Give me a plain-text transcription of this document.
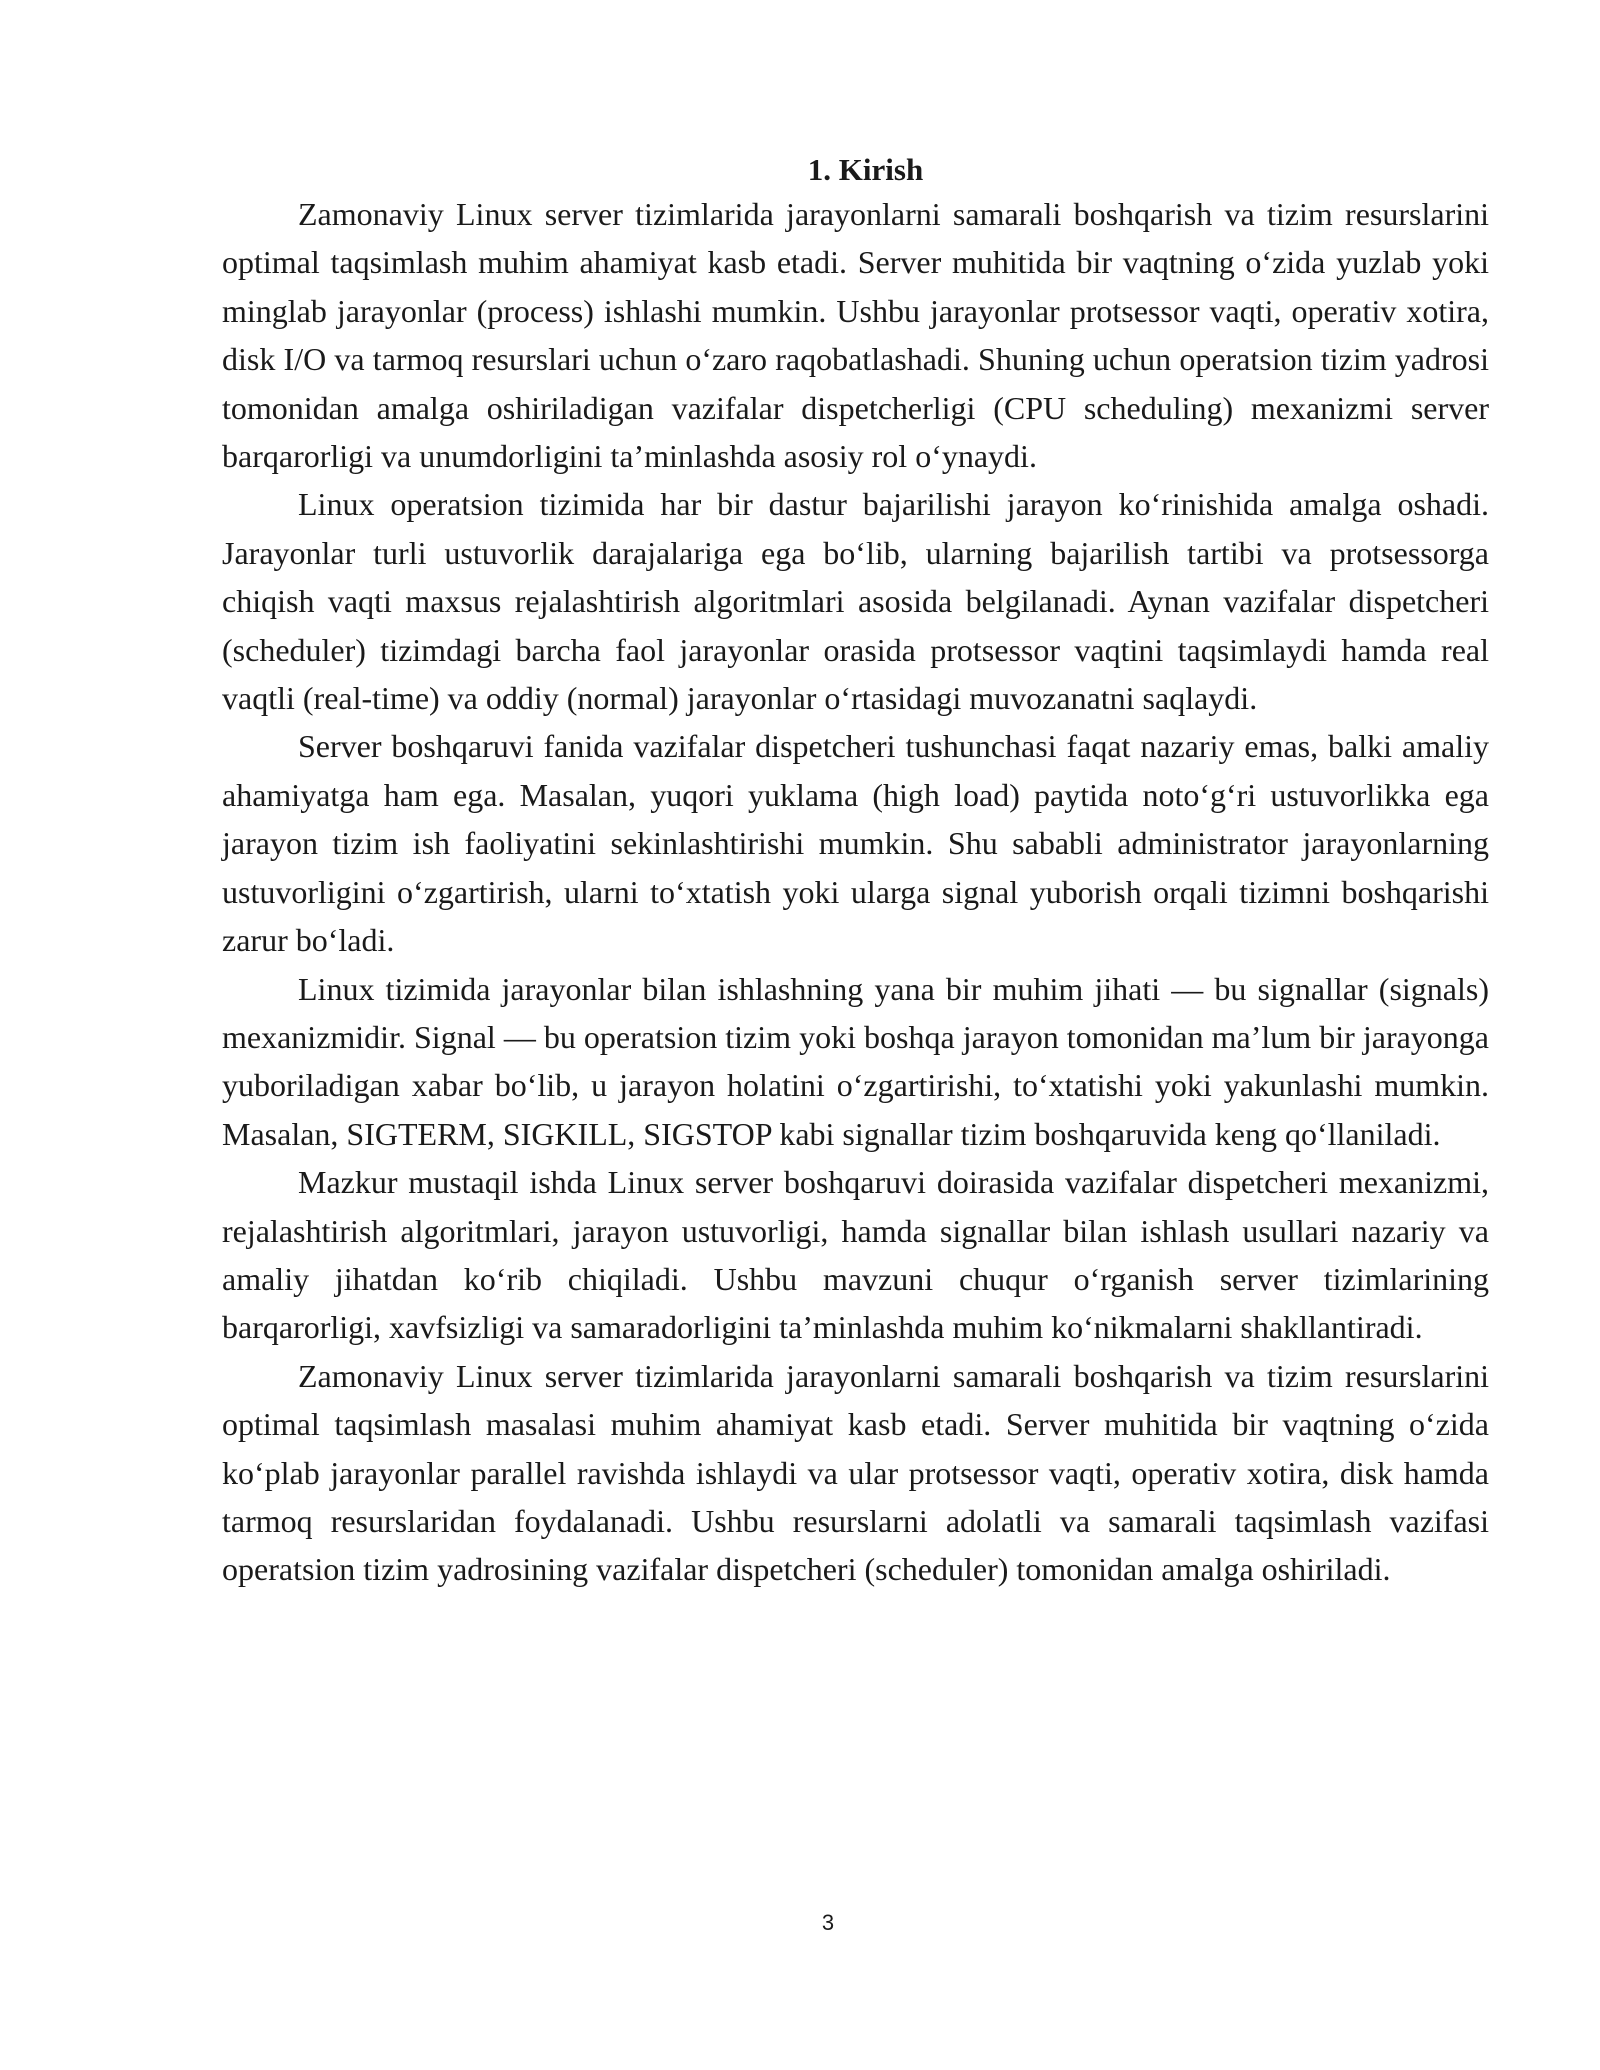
1. Kirish

Zamonaviy Linux server tizimlarida jarayonlarni samarali boshqarish va tizim resurslarini optimal taqsimlash muhim ahamiyat kasb etadi. Server muhitida bir vaqtning o‘zida yuzlab yoki minglab jarayonlar (process) ishlashi mumkin. Ushbu jarayonlar protsessor vaqti, operativ xotira, disk I/O va tarmoq resurslari uchun o‘zaro raqobatlashadi. Shuning uchun operatsion tizim yadrosi tomonidan amalga oshiriladigan vazifalar dispetcherligi (CPU scheduling) mexanizmi server barqarorligi va unumdorligini ta’minlashda asosiy rol o‘ynaydi.

Linux operatsion tizimida har bir dastur bajarilishi jarayon ko‘rinishida amalga oshadi. Jarayonlar turli ustuvorlik darajalariga ega bo‘lib, ularning bajarilish tartibi va protsessorga chiqish vaqti maxsus rejalashtirish algoritmlari asosida belgilanadi. Aynan vazifalar dispetcheri (scheduler) tizimdagi barcha faol jarayonlar orasida protsessor vaqtini taqsimlaydi hamda real vaqtli (real-time) va oddiy (normal) jarayonlar o‘rtasidagi muvozanatni saqlaydi.

Server boshqaruvi fanida vazifalar dispetcheri tushunchasi faqat nazariy emas, balki amaliy ahamiyatga ham ega. Masalan, yuqori yuklama (high load) paytida noto‘g‘ri ustuvorlikka ega jarayon tizim ish faoliyatini sekinlashtirishi mumkin. Shu sababli administrator jarayonlarning ustuvorligini o‘zgartirish, ularni to‘xtatish yoki ularga signal yuborish orqali tizimni boshqarishi zarur bo‘ladi.

Linux tizimida jarayonlar bilan ishlashning yana bir muhim jihati — bu signallar (signals) mexanizmidir. Signal — bu operatsion tizim yoki boshqa jarayon tomonidan ma’lum bir jarayonga yuboriladigan xabar bo‘lib, u jarayon holatini o‘zgartirishi, to‘xtatishi yoki yakunlashi mumkin. Masalan, SIGTERM, SIGKILL, SIGSTOP kabi signallar tizim boshqaruvida keng qo‘llaniladi.

Mazkur mustaqil ishda Linux server boshqaruvi doirasida vazifalar dispetcheri mexanizmi, rejalashtirish algoritmlari, jarayon ustuvorligi, hamda signallar bilan ishlash usullari nazariy va amaliy jihatdan ko‘rib chiqiladi. Ushbu mavzuni chuqur o‘rganish server tizimlarining barqarorligi, xavfsizligi va samaradorligini ta’minlashda muhim ko‘nikmalarni shakllantiradi.

Zamonaviy Linux server tizimlarida jarayonlarni samarali boshqarish va tizim resurslarini optimal taqsimlash masalasi muhim ahamiyat kasb etadi. Server muhitida bir vaqtning o‘zida ko‘plab jarayonlar parallel ravishda ishlaydi va ular protsessor vaqti, operativ xotira, disk hamda tarmoq resurslaridan foydalanadi. Ushbu resurslarni adolatli va samarali taqsimlash vazifasi operatsion tizim yadrosining vazifalar dispetcheri (scheduler) tomonidan amalga oshiriladi.

3
